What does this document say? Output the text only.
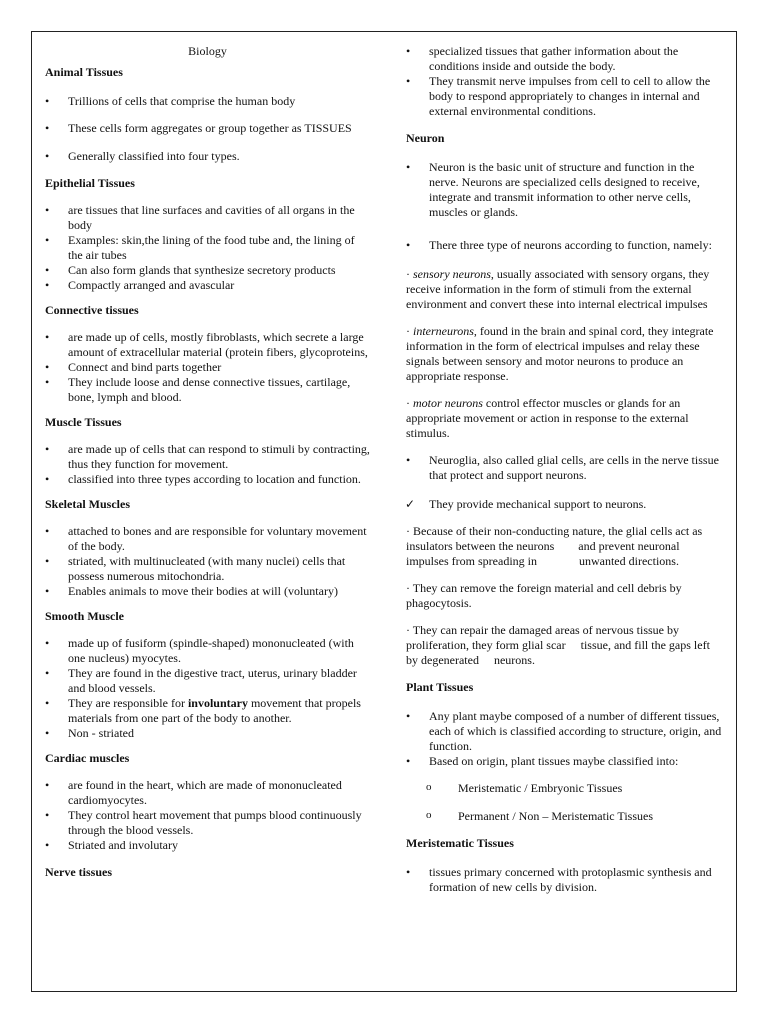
Biology
Animal Tissues
• Trillions of cells that comprise the human body
• These cells form aggregates or group together as TISSUES
• Generally classified into four types.
Epithelial Tissues
• are tissues that line surfaces and cavities of all organs in the body
• Examples: skin,the lining of the food tube and, the lining of the air tubes
• Can also form glands that synthesize secretory products
• Compactly arranged and avascular
Connective tissues
• are made up of cells, mostly fibroblasts, which secrete a large amount of extracellular material (protein fibers, glycoproteins,
• Connect and bind parts together
• They include loose and dense connective tissues, cartilage, bone, lymph and blood.
Muscle Tissues
• are made up of cells that can respond to stimuli by contracting, thus they function for movement.
• classified into three types according to location and function.
Skeletal Muscles
• attached to bones and are responsible for voluntary movement of the body.
• striated, with multinucleated (with many nuclei) cells that possess numerous mitochondria.
• Enables animals to move their bodies at will (voluntary)
Smooth Muscle
• made up of fusiform (spindle-shaped) mononucleated (with one nucleus) myocytes.
• They are found in the digestive tract, uterus, urinary bladder and blood vessels.
• They are responsible for involuntary movement that propels materials from one part of the body to another.
• Non - striated
Cardiac muscles
• are found in the heart, which are made of mononucleated cardiomyocytes.
• They control heart movement that pumps blood continuously through the blood vessels.
• Striated and involutary
Nerve tissues
• specialized tissues that gather information about the conditions inside and outside the body.
• They transmit nerve impulses from cell to cell to allow the body to respond appropriately to changes in internal and external environmental conditions.
Neuron
• Neuron is the basic unit of structure and function in the nerve. Neurons are specialized cells designed to receive, integrate and transmit information to other nerve cells, muscles or glands.
• There three type of neurons according to function, namely:

· sensory neurons, usually associated with sensory organs, they receive information in the form of stimuli from the external environment and convert these into internal electrical impulses

· interneurons, found in the brain and spinal cord, they integrate information in the form of electrical impulses and relay these signals between sensory and motor neurons to produce an appropriate response.

· motor neurons control effector muscles or glands for an appropriate movement or action in response to the external stimulus.

• Neuroglia, also called glial cells, are cells in the nerve tissue that protect and support neurons.
✓ They provide mechanical support to neurons.

· Because of their non-conducting nature, the glial cells act as insulators between the neurons        and prevent neuronal impulses from spreading in              unwanted directions.

· They can remove the foreign material and cell debris by phagocytosis.

· They can repair the damaged areas of nervous tissue by proliferation, they form glial scar     tissue, and fill the gaps left by degenerated     neurons.

Plant Tissues
• Any plant maybe composed of a number of different tissues, each of which is classified according to structure, origin, and function.
• Based on origin, plant tissues maybe classified into:
o Meristematic / Embryonic Tissues
o Permanent / Non – Meristematic Tissues
Meristematic Tissues
• tissues primary concerned with protoplasmic synthesis and formation of new cells by division.
